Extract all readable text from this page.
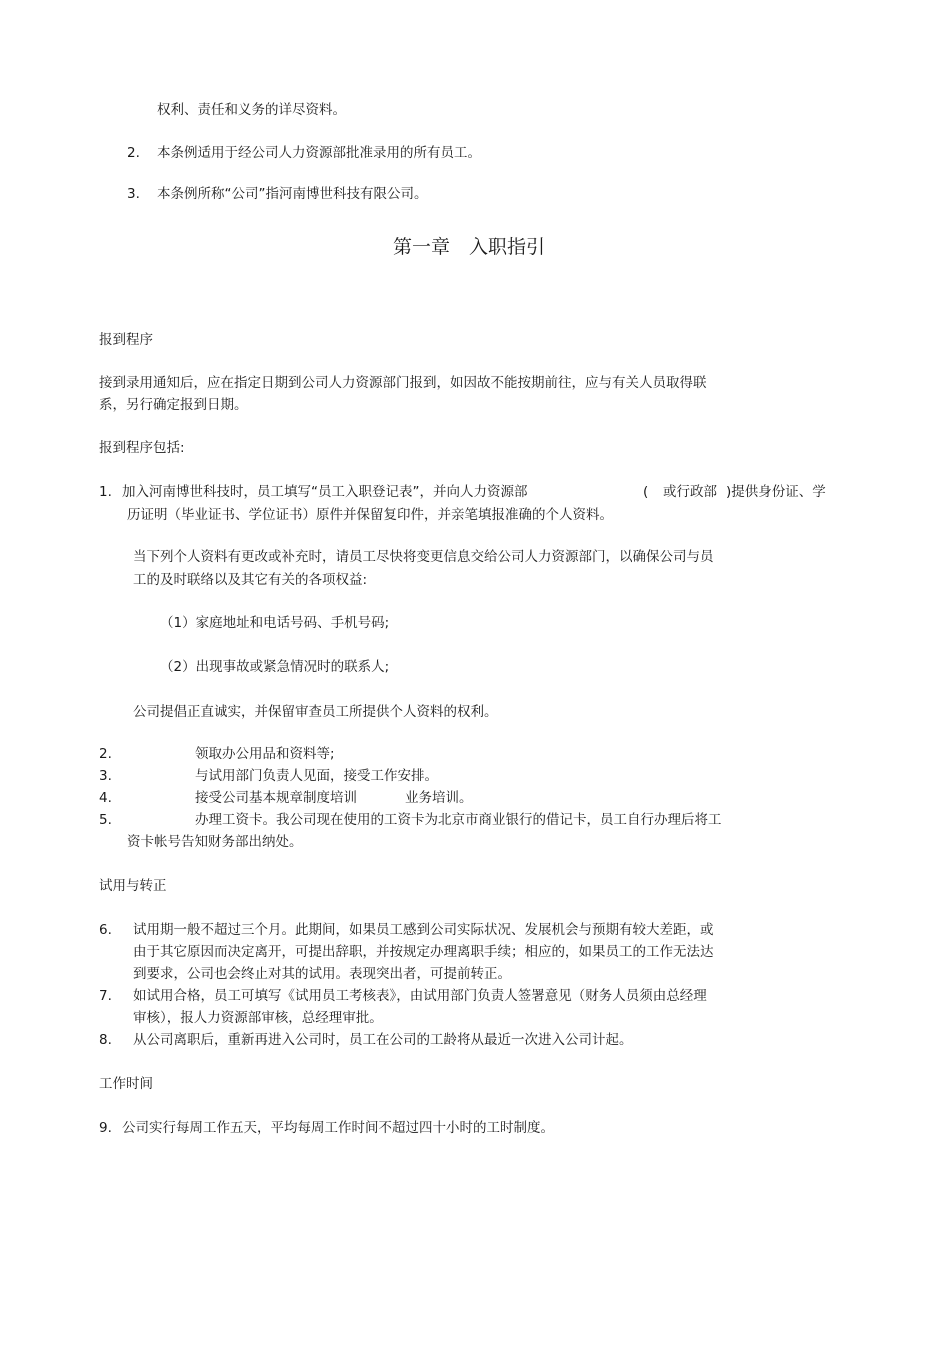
权利、责任和义务的详尽资料。
2. 本条例适用于经公司人力资源部批准录用的所有员工。
3. 本条例所称“公司”指河南博世科技有限公司。
第一章　入职指引
报到程序
接到录用通知后，应在指定日期到公司人力资源部门报到，如因故不能按期前往，应与有关人员取得联
系，另行确定报到日期。
报到程序包括:
1. 加入河南博世科技时，员工填写“员工入职登记表”，并向人力资源部	( 或行政部 )提供身份证、学
历证明（毕业证书、学位证书）原件并保留复印件，并亲笔填报准确的个人资料。
当下列个人资料有更改或补充时，请员工尽快将变更信息交给公司人力资源部门，以确保公司与员
工的及时联络以及其它有关的各项权益:
（1）家庭地址和电话号码、手机号码;
（2）出现事故或紧急情况时的联系人;
公司提倡正直诚实，并保留审查员工所提供个人资料的权利。
2.	领取办公用品和资料等;
3.	与试用部门负责人见面，接受工作安排。
4.	接受公司基本规章制度培训	业务培训。
5.	办理工资卡。我公司现在使用的工资卡为北京市商业银行的借记卡，员工自行办理后将工
资卡帐号告知财务部出纳处。
试用与转正
6. 试用期一般不超过三个月。此期间，如果员工感到公司实际状况、发展机会与预期有较大差距，或
由于其它原因而决定离开，可提出辞职，并按规定办理离职手续；相应的，如果员工的工作无法达
到要求，公司也会终止对其的试用。表现突出者，可提前转正。
7. 如试用合格，员工可填写《试用员工考核表》，由试用部门负责人签署意见（财务人员须由总经理
审核），报人力资源部审核，总经理审批。
8. 从公司离职后，重新再进入公司时，员工在公司的工龄将从最近一次进入公司计起。
工作时间
9. 公司实行每周工作五天，平均每周工作时间不超过四十小时的工时制度。
